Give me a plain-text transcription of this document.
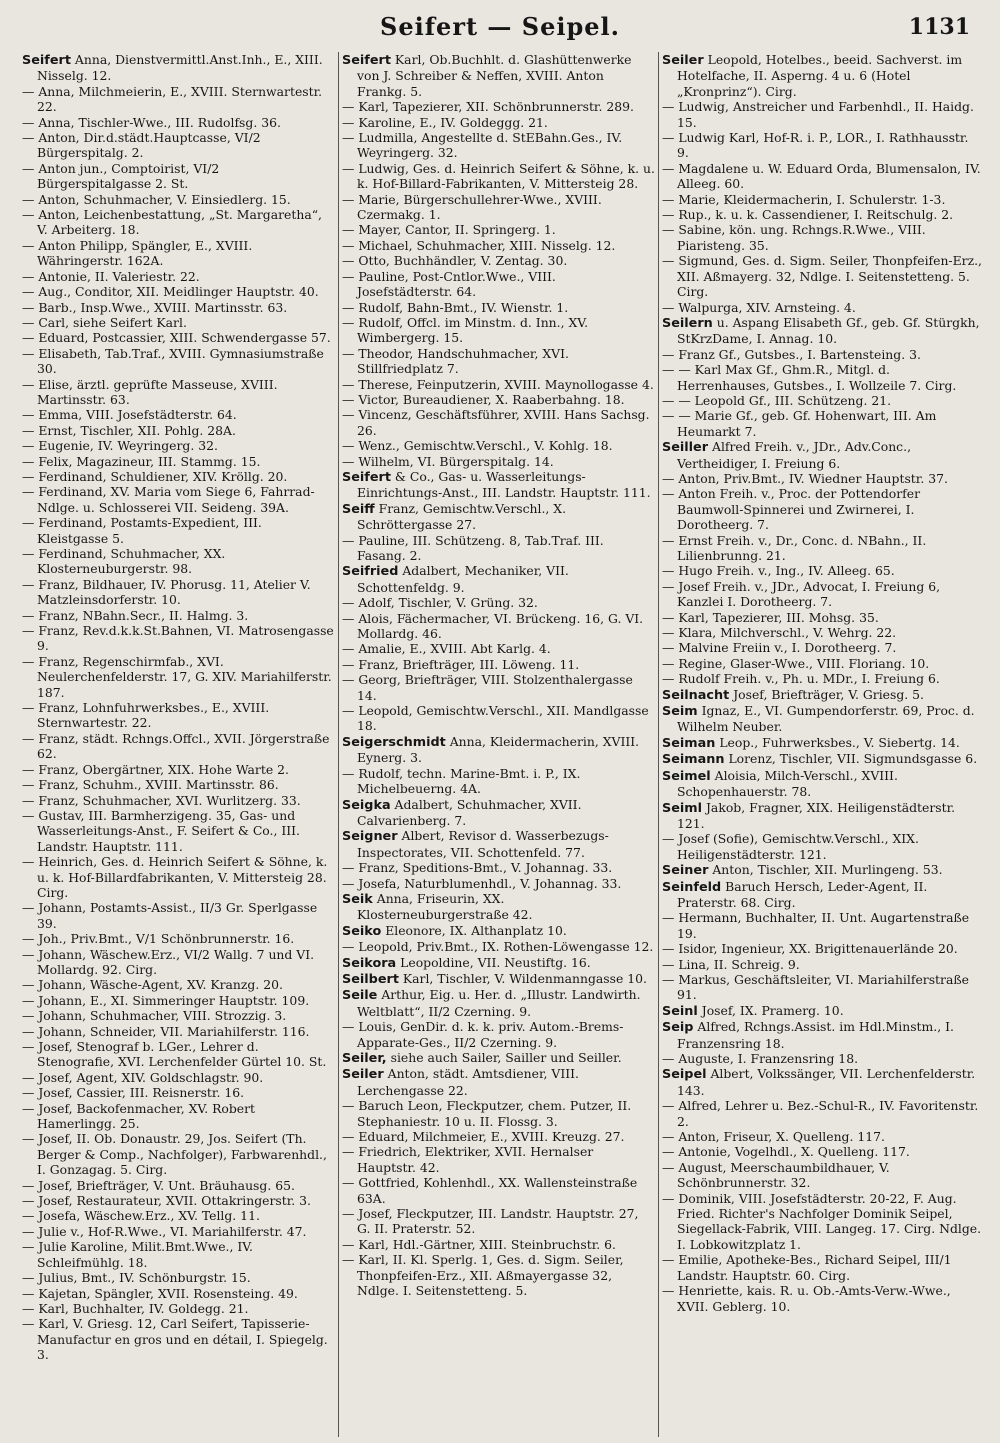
Seifert — Seipel.	1131

Seifert Anna, Dienstvermittl.Anst.Inh., E., XIII. Nisselg. 12.

— Anna, Milchmeierin, E., XVIII. Sternwartestr. 22.

— Anna, Tischler-Wwe., III. Rudolfsg. 36.

— Anton, Dir.d.städt.Hauptcasse, VI/2 Bürgerspitalg. 2.

— Anton jun., Comptoirist, VI/2 Bürgerspitalgasse 2. St.

— Anton, Schuhmacher, V. Einsiedlerg. 15.

— Anton, Leichenbestattung, „St. Margaretha“, V. Arbeiterg. 18.

— Anton Philipp, Spängler, E., XVIII. Währingerstr. 162A.

— Antonie, II. Valeriestr. 22.

— Aug., Conditor, XII. Meidlinger Hauptstr. 40.

— Barb., Insp.Wwe., XVIII. Martinsstr. 63.

— Carl, siehe Seifert Karl.

— Eduard, Postcassier, XIII. Schwendergasse 57.

— Elisabeth, Tab.Traf., XVIII. Gymnasiumstraße 30.

— Elise, ärztl. geprüfte Masseuse, XVIII. Martinsstr. 63.

— Emma, VIII. Josefstädterstr. 64.

— Ernst, Tischler, XII. Pohlg. 28A.

— Eugenie, IV. Weyringerg. 32.

— Felix, Magazineur, III. Stammg. 15.

— Ferdinand, Schuldiener, XIV. Kröllg. 20.

— Ferdinand, XV. Maria vom Siege 6, Fahrrad-Ndlge. u. Schlosserei VII. Seideng. 39A.

— Ferdinand, Postamts-Expedient, III. Kleistgasse 5.

— Ferdinand, Schuhmacher, XX. Klosterneuburgerstr. 98.

— Franz, Bildhauer, IV. Phorusg. 11, Atelier V. Matzleinsdorferstr. 10.

— Franz, NBahn.Secr., II. Halmg. 3.

— Franz, Rev.d.k.k.St.Bahnen, VI. Matrosengasse 9.

— Franz, Regenschirmfab., XVI. Neulerchenfelderstr. 17, G. XIV. Mariahilferstr. 187.

— Franz, Lohnfuhrwerksbes., E., XVIII. Sternwartestr. 22.

— Franz, städt. Rchngs.Offcl., XVII. Jörgerstraße 62.

— Franz, Obergärtner, XIX. Hohe Warte 2.

— Franz, Schuhm., XVIII. Martinsstr. 86.

— Franz, Schuhmacher, XVI. Wurlitzerg. 33.

— Gustav, III. Barmherzigeng. 35, Gas- und Wasserleitungs-Anst., F. Seifert & Co., III. Landstr. Hauptstr. 111.

— Heinrich, Ges. d. Heinrich Seifert & Söhne, k. u. k. Hof-Billardfabrikanten, V. Mittersteig 28. Cirg.

— Johann, Postamts-Assist., II/3 Gr. Sperlgasse 39.

— Joh., Priv.Bmt., V/1 Schönbrunnerstr. 16.

— Johann, Wäschew.Erz., VI/2 Wallg. 7 und VI. Mollardg. 92. Cirg.

— Johann, Wäsche-Agent, XV. Kranzg. 20.

— Johann, E., XI. Simmeringer Hauptstr. 109.

— Johann, Schuhmacher, VIII. Strozzig. 3.

— Johann, Schneider, VII. Mariahilferstr. 116.

— Josef, Stenograf b. LGer., Lehrer d. Stenografie, XVI. Lerchenfelder Gürtel 10. St.

— Josef, Agent, XIV. Goldschlagstr. 90.

— Josef, Cassier, III. Reisnerstr. 16.

— Josef, Backofenmacher, XV. Robert Hamerlingg. 25.

— Josef, II. Ob. Donaustr. 29, Jos. Seifert (Th. Berger & Comp., Nachfolger), Farbwarenhdl., I. Gonzagag. 5. Cirg.

— Josef, Briefträger, V. Unt. Bräuhausg. 65.

— Josef, Restaurateur, XVII. Ottakringerstr. 3.

— Josefa, Wäschew.Erz., XV. Tellg. 11.

— Julie v., Hof-R.Wwe., VI. Mariahilferstr. 47.

— Julie Karoline, Milit.Bmt.Wwe., IV. Schleifmühlg. 18.

— Julius, Bmt., IV. Schönburgstr. 15.

— Kajetan, Spängler, XVII. Rosensteing. 49.

— Karl, Buchhalter, IV. Goldegg. 21.

— Karl, V. Griesg. 12, Carl Seifert, Tapisserie-Manufactur en gros und en détail, I. Spiegelg. 3.

Seifert Karl, Ob.Buchhlt. d. Glashüttenwerke von J. Schreiber & Neffen, XVIII. Anton Frankg. 5.

— Karl, Tapezierer, XII. Schönbrunnerstr. 289.

— Karoline, E., IV. Goldeggg. 21.

— Ludmilla, Angestellte d. StEBahn.Ges., IV. Weyringerg. 32.

— Ludwig, Ges. d. Heinrich Seifert & Söhne, k. u. k. Hof-Billard-Fabrikanten, V. Mittersteig 28.

— Marie, Bürgerschullehrer-Wwe., XVIII. Czermakg. 1.

— Mayer, Cantor, II. Springerg. 1.

— Michael, Schuhmacher, XIII. Nisselg. 12.

— Otto, Buchhändler, V. Zentag. 30.

— Pauline, Post-Cntlor.Wwe., VIII. Josefstädterstr. 64.

— Rudolf, Bahn-Bmt., IV. Wienstr. 1.

— Rudolf, Offcl. im Minstm. d. Inn., XV. Wimbergerg. 15.

— Theodor, Handschuhmacher, XVI. Stillfriedplatz 7.

— Therese, Feinputzerin, XVIII. Maynollogasse 4.

— Victor, Bureaudiener, X. Raaberbahng. 18.

— Vincenz, Geschäftsführer, XVIII. Hans Sachsg. 26.

— Wenz., Gemischtw.Verschl., V. Kohlg. 18.

— Wilhelm, VI. Bürgerspitalg. 14.

Seifert & Co., Gas- u. Wasserleitungs-Einrichtungs-Anst., III. Landstr. Hauptstr. 111.

Seiff Franz, Gemischtw.Verschl., X. Schröttergasse 27.

— Pauline, III. Schützeng. 8, Tab.Traf. III. Fasang. 2.

Seifried Adalbert, Mechaniker, VII. Schottenfeldg. 9.

— Adolf, Tischler, V. Grüng. 32.

— Alois, Fächermacher, VI. Brückeng. 16, G. VI. Mollardg. 46.

— Amalie, E., XVIII. Abt Karlg. 4.

— Franz, Briefträger, III. Löweng. 11.

— Georg, Briefträger, VIII. Stolzenthalergasse 14.

— Leopold, Gemischtw.Verschl., XII. Mandlgasse 18.

Seigerschmidt Anna, Kleidermacherin, XVIII. Eynerg. 3.

— Rudolf, techn. Marine-Bmt. i. P., IX. Michelbeuerng. 4A.

Seigka Adalbert, Schuhmacher, XVII. Calvarienberg. 7.

Seigner Albert, Revisor d. Wasserbezugs-Inspectorates, VII. Schottenfeld. 77.

— Franz, Speditions-Bmt., V. Johannag. 33.

— Josefa, Naturblumenhdl., V. Johannag. 33.

Seik Anna, Friseurin, XX. Klosterneuburgerstraße 42.

Seiko Eleonore, IX. Althanplatz 10.

— Leopold, Priv.Bmt., IX. Rothen-Löwengasse 12.

Seikora Leopoldine, VII. Neustiftg. 16.

Seilbert Karl, Tischler, V. Wildenmanngasse 10.

Seile Arthur, Eig. u. Her. d. „Illustr. Landwirth. Weltblatt“, II/2 Czerning. 9.

— Louis, GenDir. d. k. k. priv. Autom.-Brems-Apparate-Ges., II/2 Czerning. 9.

Seiler, siehe auch Sailer, Sailler und Seiller.

Seiler Anton, städt. Amtsdiener, VIII. Lerchengasse 22.

— Baruch Leon, Fleckputzer, chem. Putzer, II. Stephaniestr. 10 u. II. Flossg. 3.

— Eduard, Milchmeier, E., XVIII. Kreuzg. 27.

— Friedrich, Elektriker, XVII. Hernalser Hauptstr. 42.

— Gottfried, Kohlenhdl., XX. Wallensteinstraße 63A.

— Josef, Fleckputzer, III. Landstr. Hauptstr. 27, G. II. Praterstr. 52.

— Karl, Hdl.-Gärtner, XIII. Steinbruchstr. 6.

— Karl, II. Kl. Sperlg. 1, Ges. d. Sigm. Seiler, Thonpfeifen-Erz., XII. Aßmayergasse 32, Ndlge. I. Seitenstetteng. 5.

Seiler Leopold, Hotelbes., beeid. Sachverst. im Hotelfache, II. Asperng. 4 u. 6 (Hotel „Kronprinz“). Cirg.

— Ludwig, Anstreicher und Farbenhdl., II. Haidg. 15.

— Ludwig Karl, Hof-R. i. P., LOR., I. Rathhausstr. 9.

— Magdalene u. W. Eduard Orda, Blumensalon, IV. Alleeg. 60.

— Marie, Kleidermacherin, I. Schulerstr. 1-3.

— Rup., k. u. k. Cassendiener, I. Reitschulg. 2.

— Sabine, kön. ung. Rchngs.R.Wwe., VIII. Piaristeng. 35.

— Sigmund, Ges. d. Sigm. Seiler, Thonpfeifen-Erz., XII. Aßmayerg. 32, Ndlge. I. Seitenstetteng. 5. Cirg.

— Walpurga, XIV. Arnsteing. 4.

Seilern u. Aspang Elisabeth Gf., geb. Gf. Stürgkh, StKrzDame, I. Annag. 10.

— Franz Gf., Gutsbes., I. Bartensteing. 3.

— — Karl Max Gf., Ghm.R., Mitgl. d. Herrenhauses, Gutsbes., I. Wollzeile 7. Cirg.

— — Leopold Gf., III. Schützeng. 21.

— — Marie Gf., geb. Gf. Hohenwart, III. Am Heumarkt 7.

Seiller Alfred Freih. v., JDr., Adv.Conc., Vertheidiger, I. Freiung 6.

— Anton, Priv.Bmt., IV. Wiedner Hauptstr. 37.

— Anton Freih. v., Proc. der Pottendorfer Baumwoll-Spinnerei und Zwirnerei, I. Dorotheerg. 7.

— Ernst Freih. v., Dr., Conc. d. NBahn., II. Lilienbrunng. 21.

— Hugo Freih. v., Ing., IV. Alleeg. 65.

— Josef Freih. v., JDr., Advocat, I. Freiung 6, Kanzlei I. Dorotheerg. 7.

— Karl, Tapezierer, III. Mohsg. 35.

— Klara, Milchverschl., V. Wehrg. 22.

— Malvine Freiin v., I. Dorotheerg. 7.

— Regine, Glaser-Wwe., VIII. Floriang. 10.

— Rudolf Freih. v., Ph. u. MDr., I. Freiung 6.

Seilnacht Josef, Briefträger, V. Griesg. 5.

Seim Ignaz, E., VI. Gumpendorferstr. 69, Proc. d. Wilhelm Neuber.

Seiman Leop., Fuhrwerksbes., V. Siebertg. 14.

Seimann Lorenz, Tischler, VII. Sigmundsgasse 6.

Seimel Aloisia, Milch-Verschl., XVIII. Schopenhauerstr. 78.

Seiml Jakob, Fragner, XIX. Heiligenstädterstr. 121.

— Josef (Sofie), Gemischtw.Verschl., XIX. Heiligenstädterstr. 121.

Seiner Anton, Tischler, XII. Murlingeng. 53.

Seinfeld Baruch Hersch, Leder-Agent, II. Praterstr. 68. Cirg.

— Hermann, Buchhalter, II. Unt. Augartenstraße 19.

— Isidor, Ingenieur, XX. Brigittenauerlände 20.

— Lina, II. Schreig. 9.

— Markus, Geschäftsleiter, VI. Mariahilferstraße 91.

Seinl Josef, IX. Pramerg. 10.

Seip Alfred, Rchngs.Assist. im Hdl.Minstm., I. Franzensring 18.

— Auguste, I. Franzensring 18.

Seipel Albert, Volkssänger, VII. Lerchenfelderstr. 143.

— Alfred, Lehrer u. Bez.-Schul-R., IV. Favoritenstr. 2.

— Anton, Friseur, X. Quelleng. 117.

— Antonie, Vogelhdl., X. Quelleng. 117.

— August, Meerschaumbildhauer, V. Schönbrunnerstr. 32.

— Dominik, VIII. Josefstädterstr. 20-22, F. Aug. Fried. Richter's Nachfolger Dominik Seipel, Siegellack-Fabrik, VIII. Langeg. 17. Cirg. Ndlge. I. Lobkowitzplatz 1.

— Emilie, Apotheke-Bes., Richard Seipel, III/1 Landstr. Hauptstr. 60. Cirg.

— Henriette, kais. R. u. Ob.-Amts-Verw.-Wwe., XVII. Geblerg. 10.
